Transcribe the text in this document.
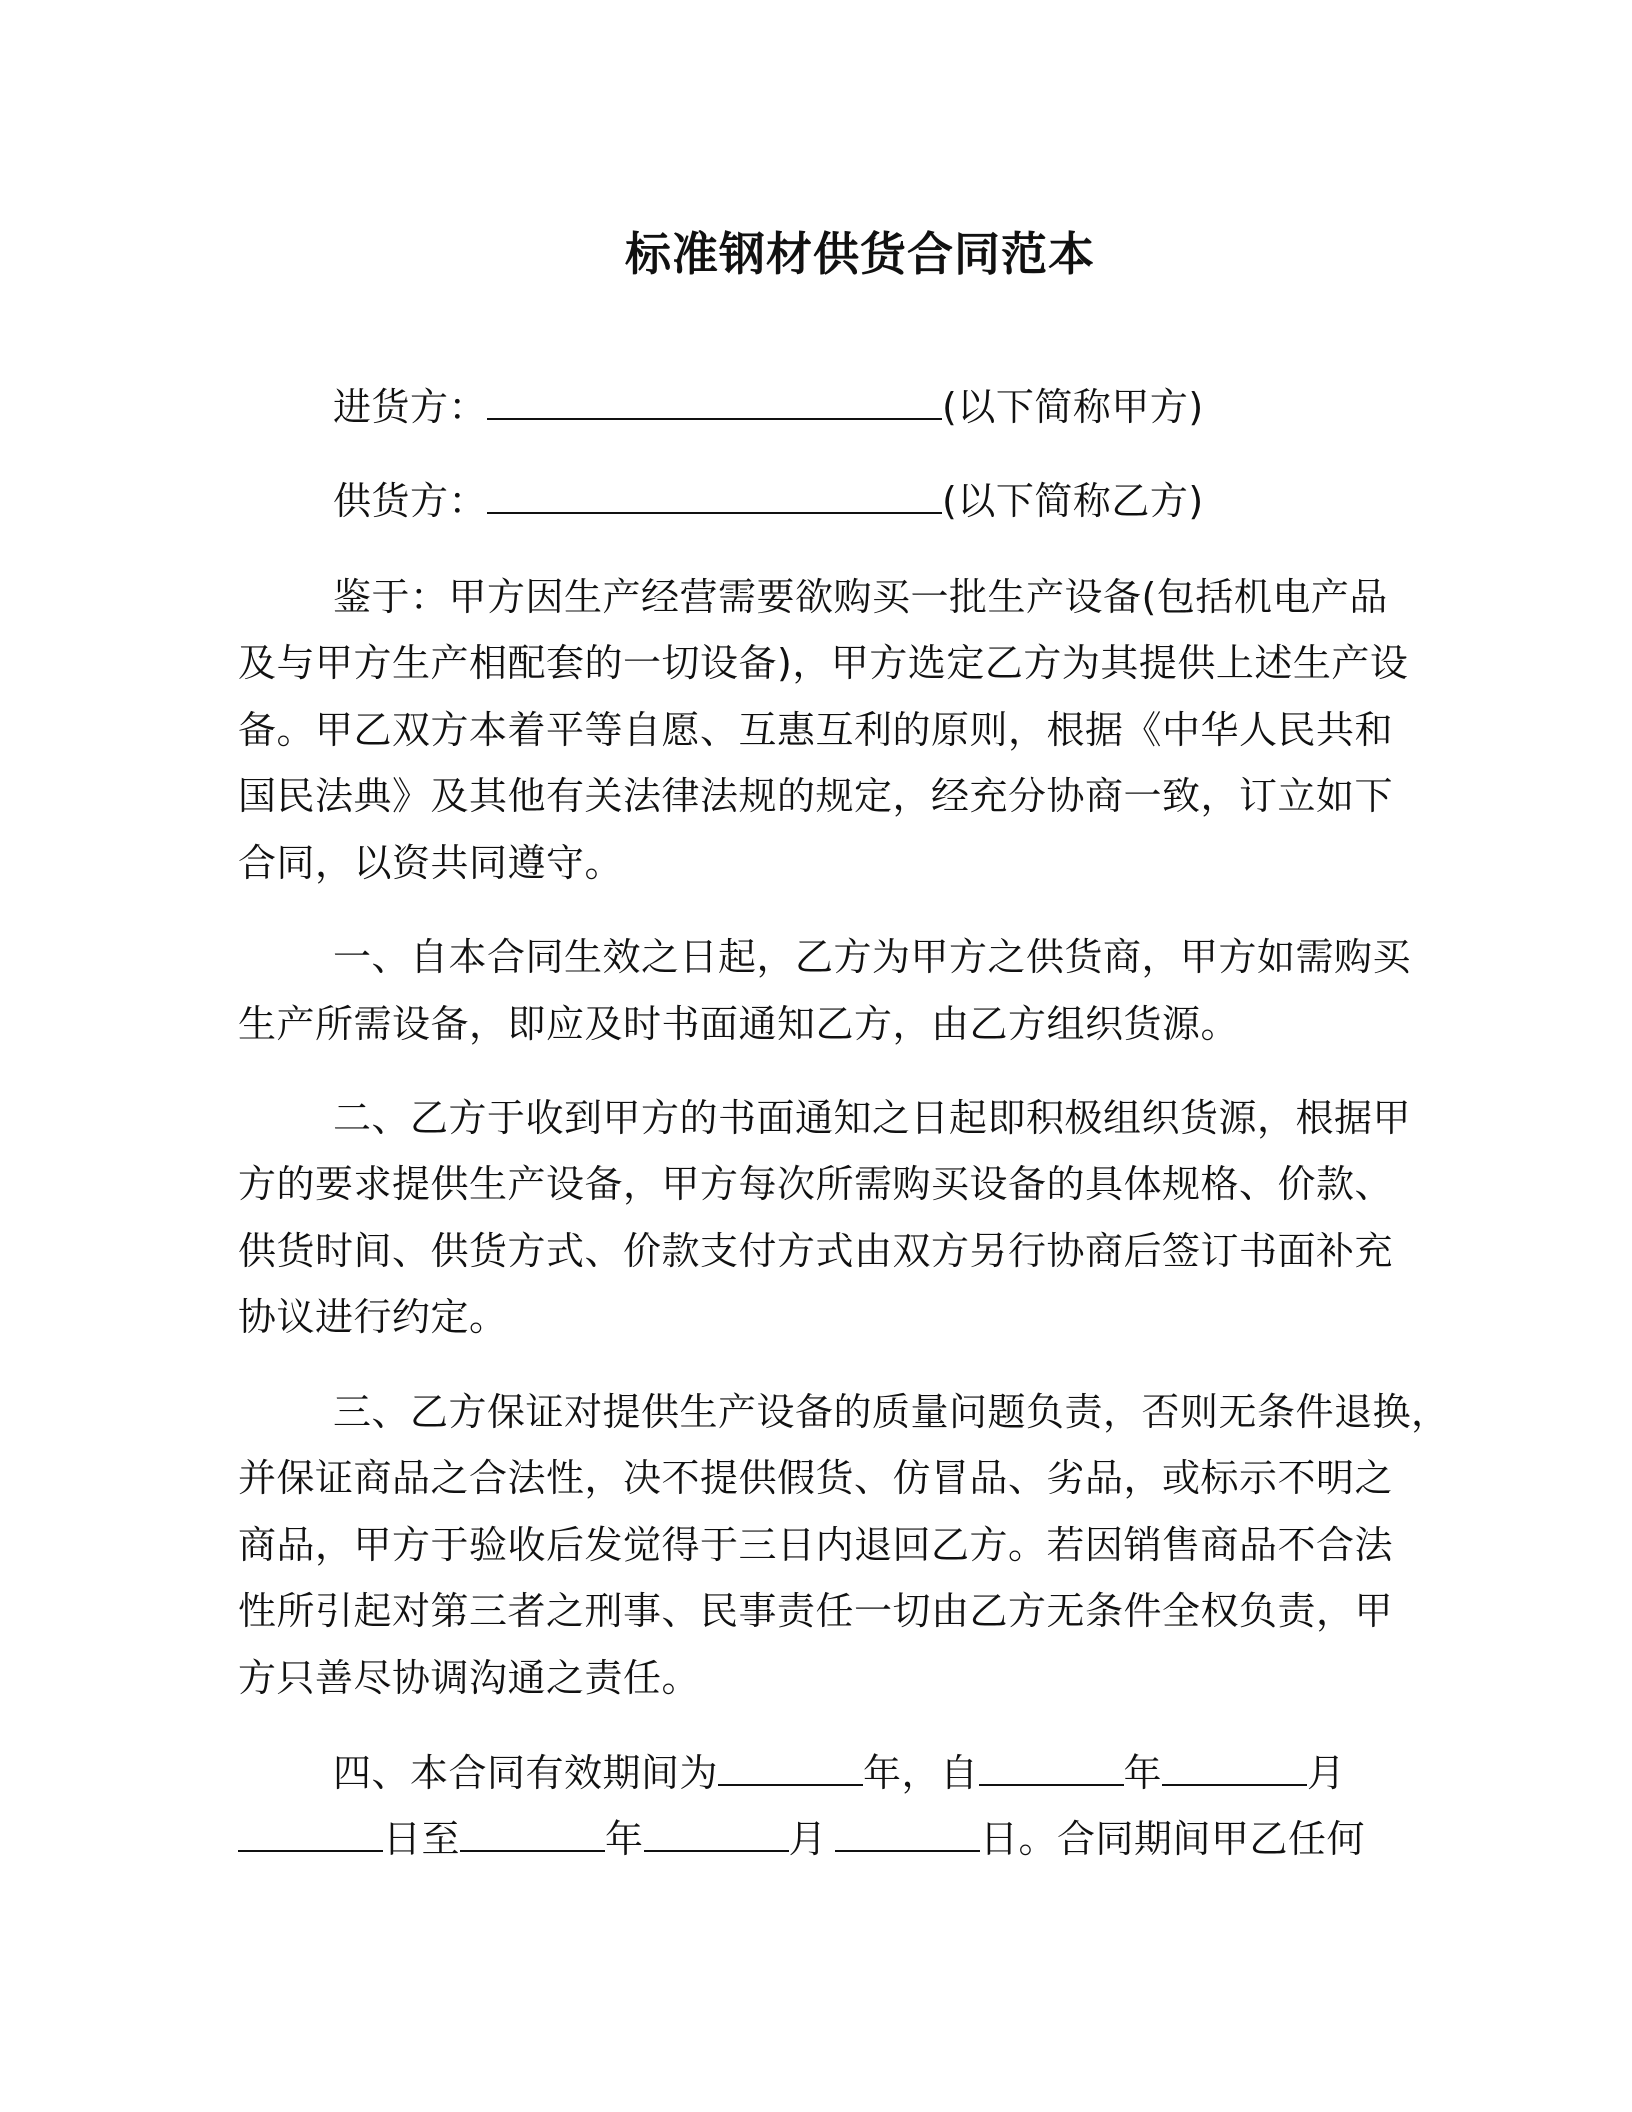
标准钢材供货合同范本
进货方：	(以下简称甲方)
供货方：	(以下简称乙方)
鉴于：甲方因生产经营需要欲购买一批生产设备(包括机电产品
及与甲方生产相配套的一切设备)，甲方选定乙方为其提供上述生产设
备。甲乙双方本着平等自愿、互惠互利的原则，根据《中华人民共和
国民法典》及其他有关法律法规的规定，经充分协商一致，订立如下
合同，以资共同遵守。
一、自本合同生效之日起，乙方为甲方之供货商，甲方如需购买
生产所需设备，即应及时书面通知乙方，由乙方组织货源。
二、乙方于收到甲方的书面通知之日起即积极组织货源，根据甲
方的要求提供生产设备，甲方每次所需购买设备的具体规格、价款、
供货时间、供货方式、价款支付方式由双方另行协商后签订书面补充
协议进行约定。
三、乙方保证对提供生产设备的质量问题负责，否则无条件退换，
并保证商品之合法性，决不提供假货、仿冒品、劣品，或标示不明之
商品，甲方于验收后发觉得于三日内退回乙方。若因销售商品不合法
性所引起对第三者之刑事、民事责任一切由乙方无条件全权负责，甲
方只善尽协调沟通之责任。
四、本合同有效期间为	年，自	年	月
日至	年	月	日。合同期间甲乙任何
